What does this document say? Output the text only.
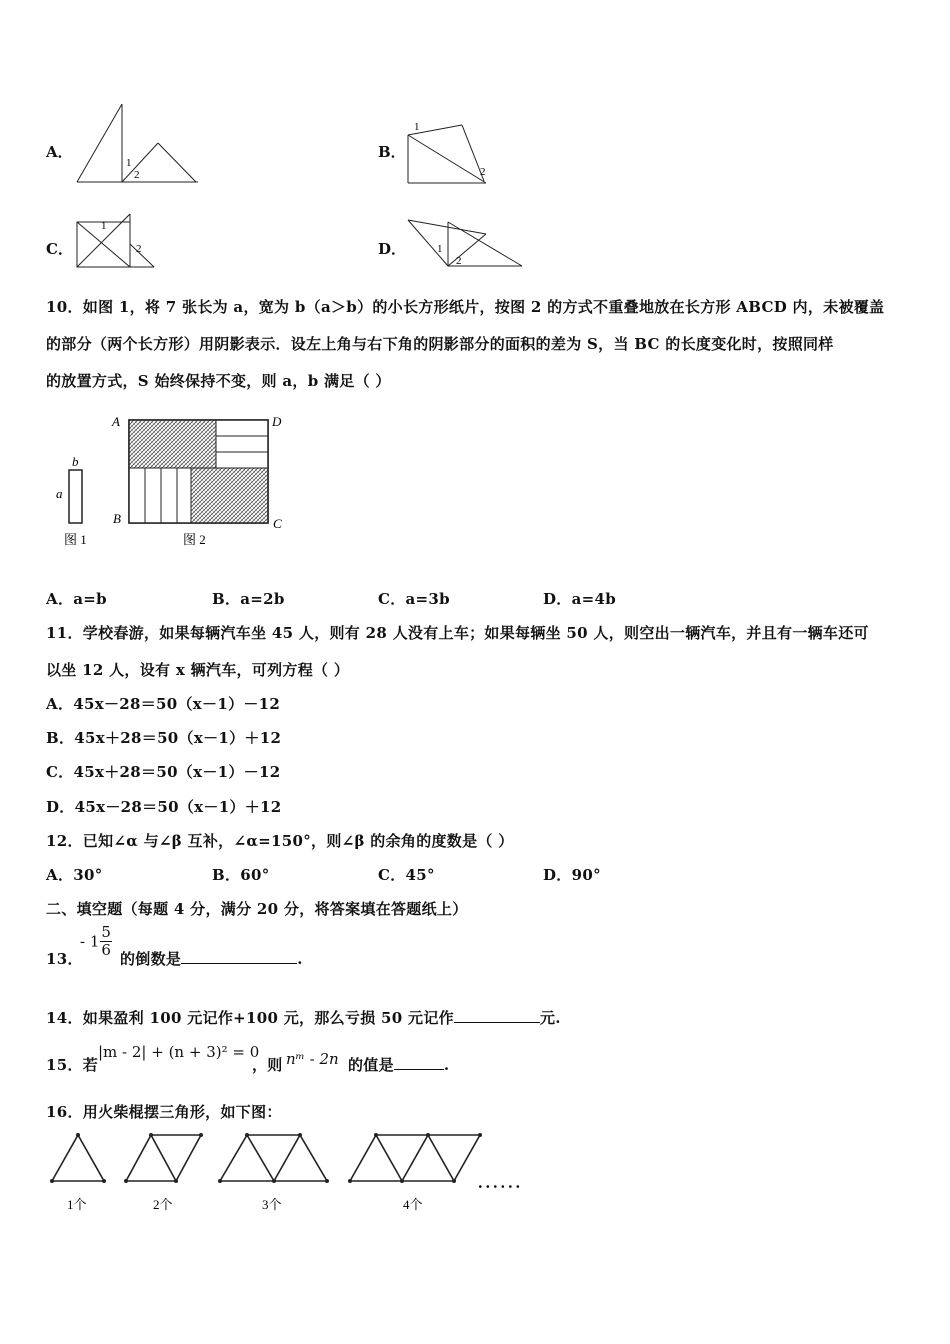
A．
1
2
B．
1
2
C．
1
2	D．	1
2
10．如图 1，将 7 张长为 a，宽为 b（a＞b）的小长方形纸片，按图 2 的方式不重叠地放在长方形 ABCD 内，未被覆盖
的部分（两个长方形）用阴影表示．设左上角与右下角的阴影部分的面积的差为 S，当 BC 的长度变化时，按照同样
的放置方式，S 始终保持不变，则 a，b 满足（ ）
a
b
图 1
A	D
B	C
图 2
A．a=b	B．a=2b	C．a=3b	D．a=4b
11．学校春游，如果每辆汽车坐 45 人，则有 28 人没有上车；如果每辆坐 50 人，则空出一辆汽车，并且有一辆车还可
以坐 12 人，设有 x 辆汽车，可列方程（ ）
A．45x－28＝50（x－1）－12
B．45x＋28＝50（x－1）＋12
C．45x＋28＝50（x－1）－12
D．45x－28＝50（x－1）＋12
12．已知∠α 与∠β 互补，∠α=150°，则∠β 的余角的度数是（ ）
A．30°	B．60°	C．45°	D．90°
二、填空题（每题 4 分，满分 20 分，将答案填在答题纸上）
13．
- $1 \frac{5}{6}$ 的倒数是	.
14．如果盈利 100 元记作+100 元，那么亏损 50 元记作	元.
15．若
|m - 2| + (n + 3)² = 0
，则 nᵐ - 2n 的值是	.
16．用火柴棍摆三角形，如下图：
1个	2个	3个	4个
．．．．．．
